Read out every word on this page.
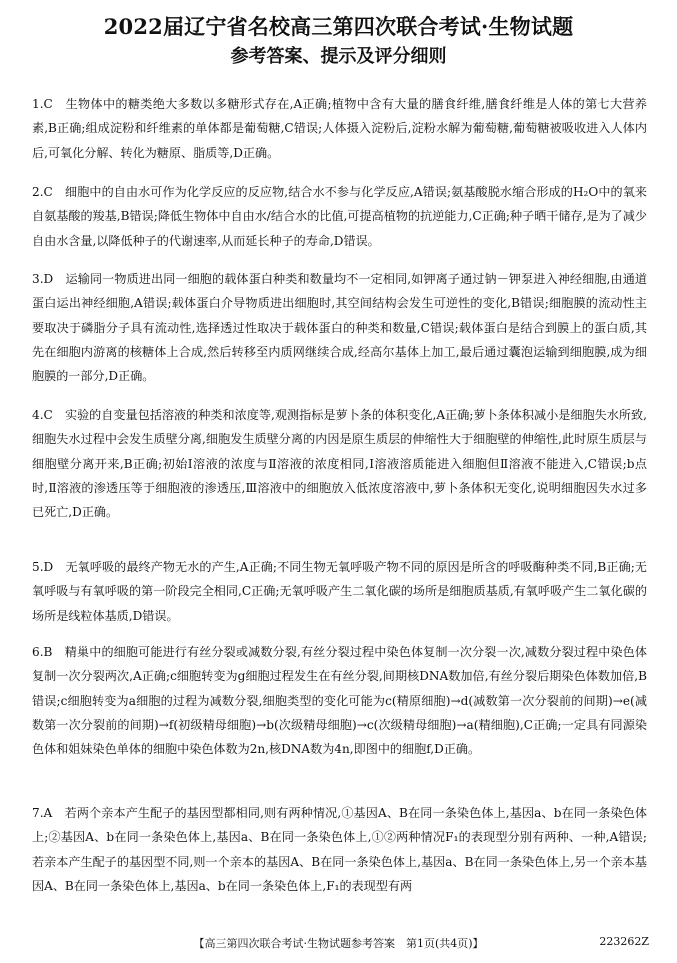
2022届辽宁省名校高三第四次联合考试·生物试题
参考答案、提示及评分细则
1.C　生物体中的糖类绝大多数以多糖形式存在,A正确;植物中含有大量的膳食纤维,膳食纤维是人体的第七大营养素,B正确;组成淀粉和纤维素的单体都是葡萄糖,C错误;人体摄入淀粉后,淀粉水解为葡萄糖,葡萄糖被吸收进入人体内后,可氧化分解、转化为糖原、脂质等,D正确。
2.C　细胞中的自由水可作为化学反应的反应物,结合水不参与化学反应,A错误;氨基酸脱水缩合形成的H₂O中的氧来自氨基酸的羧基,B错误;降低生物体中自由水/结合水的比值,可提高植物的抗逆能力,C正确;种子晒干储存,是为了减少自由水含量,以降低种子的代谢速率,从而延长种子的寿命,D错误。
3.D　运输同一物质进出同一细胞的载体蛋白种类和数量均不一定相同,如钾离子通过钠－钾泵进入神经细胞,由通道蛋白运出神经细胞,A错误;载体蛋白介导物质进出细胞时,其空间结构会发生可逆性的变化,B错误;细胞膜的流动性主要取决于磷脂分子具有流动性,选择透过性取决于载体蛋白的种类和数量,C错误;载体蛋白是结合到膜上的蛋白质,其先在细胞内游离的核糖体上合成,然后转移至内质网继续合成,经高尔基体上加工,最后通过囊泡运输到细胞膜,成为细胞膜的一部分,D正确。
4.C　实验的自变量包括溶液的种类和浓度等,观测指标是萝卜条的体积变化,A正确;萝卜条体积减小是细胞失水所致,细胞失水过程中会发生质壁分离,细胞发生质壁分离的内因是原生质层的伸缩性大于细胞壁的伸缩性,此时原生质层与细胞壁分离开来,B正确;初始Ⅰ溶液的浓度与Ⅱ溶液的浓度相同,Ⅰ溶液溶质能进入细胞但Ⅱ溶液不能进入,C错误;b点时,Ⅱ溶液的渗透压等于细胞液的渗透压,Ⅲ溶液中的细胞放入低浓度溶液中,萝卜条体积无变化,说明细胞因失水过多已死亡,D正确。
5.D　无氧呼吸的最终产物无水的产生,A正确;不同生物无氧呼吸产物不同的原因是所含的呼吸酶种类不同,B正确;无氧呼吸与有氧呼吸的第一阶段完全相同,C正确;无氧呼吸产生二氧化碳的场所是细胞质基质,有氧呼吸产生二氧化碳的场所是线粒体基质,D错误。
6.B　精巢中的细胞可能进行有丝分裂或减数分裂,有丝分裂过程中染色体复制一次分裂一次,减数分裂过程中染色体复制一次分裂两次,A正确;c细胞转变为g细胞过程发生在有丝分裂,间期核DNA数加倍,有丝分裂后期染色体数加倍,B错误;c细胞转变为a细胞的过程为减数分裂,细胞类型的变化可能为c(精原细胞)→d(减数第一次分裂前的间期)→e(减数第一次分裂前的间期)→f(初级精母细胞)→b(次级精母细胞)→c(次级精母细胞)→a(精细胞),C正确;一定具有同源染色体和姐妹染色单体的细胞中染色体数为2n,核DNA数为4n,即图中的细胞f,D正确。
7.A　若两个亲本产生配子的基因型都相同,则有两种情况,①基因A、B在同一条染色体上,基因a、b在同一条染色体上;②基因A、b在同一条染色体上,基因a、B在同一条染色体上,①②两种情况F₁的表现型分别有两种、一种,A错误;若亲本产生配子的基因型不同,则一个亲本的基因A、B在同一条染色体上,基因a、B在同一条染色体上,另一个亲本基因A、B在同一条染色体上,基因a、b在同一条染色体上,F₁的表现型有两
【高三第四次联合考试·生物试题参考答案　第1页(共4页)】	223262Z
